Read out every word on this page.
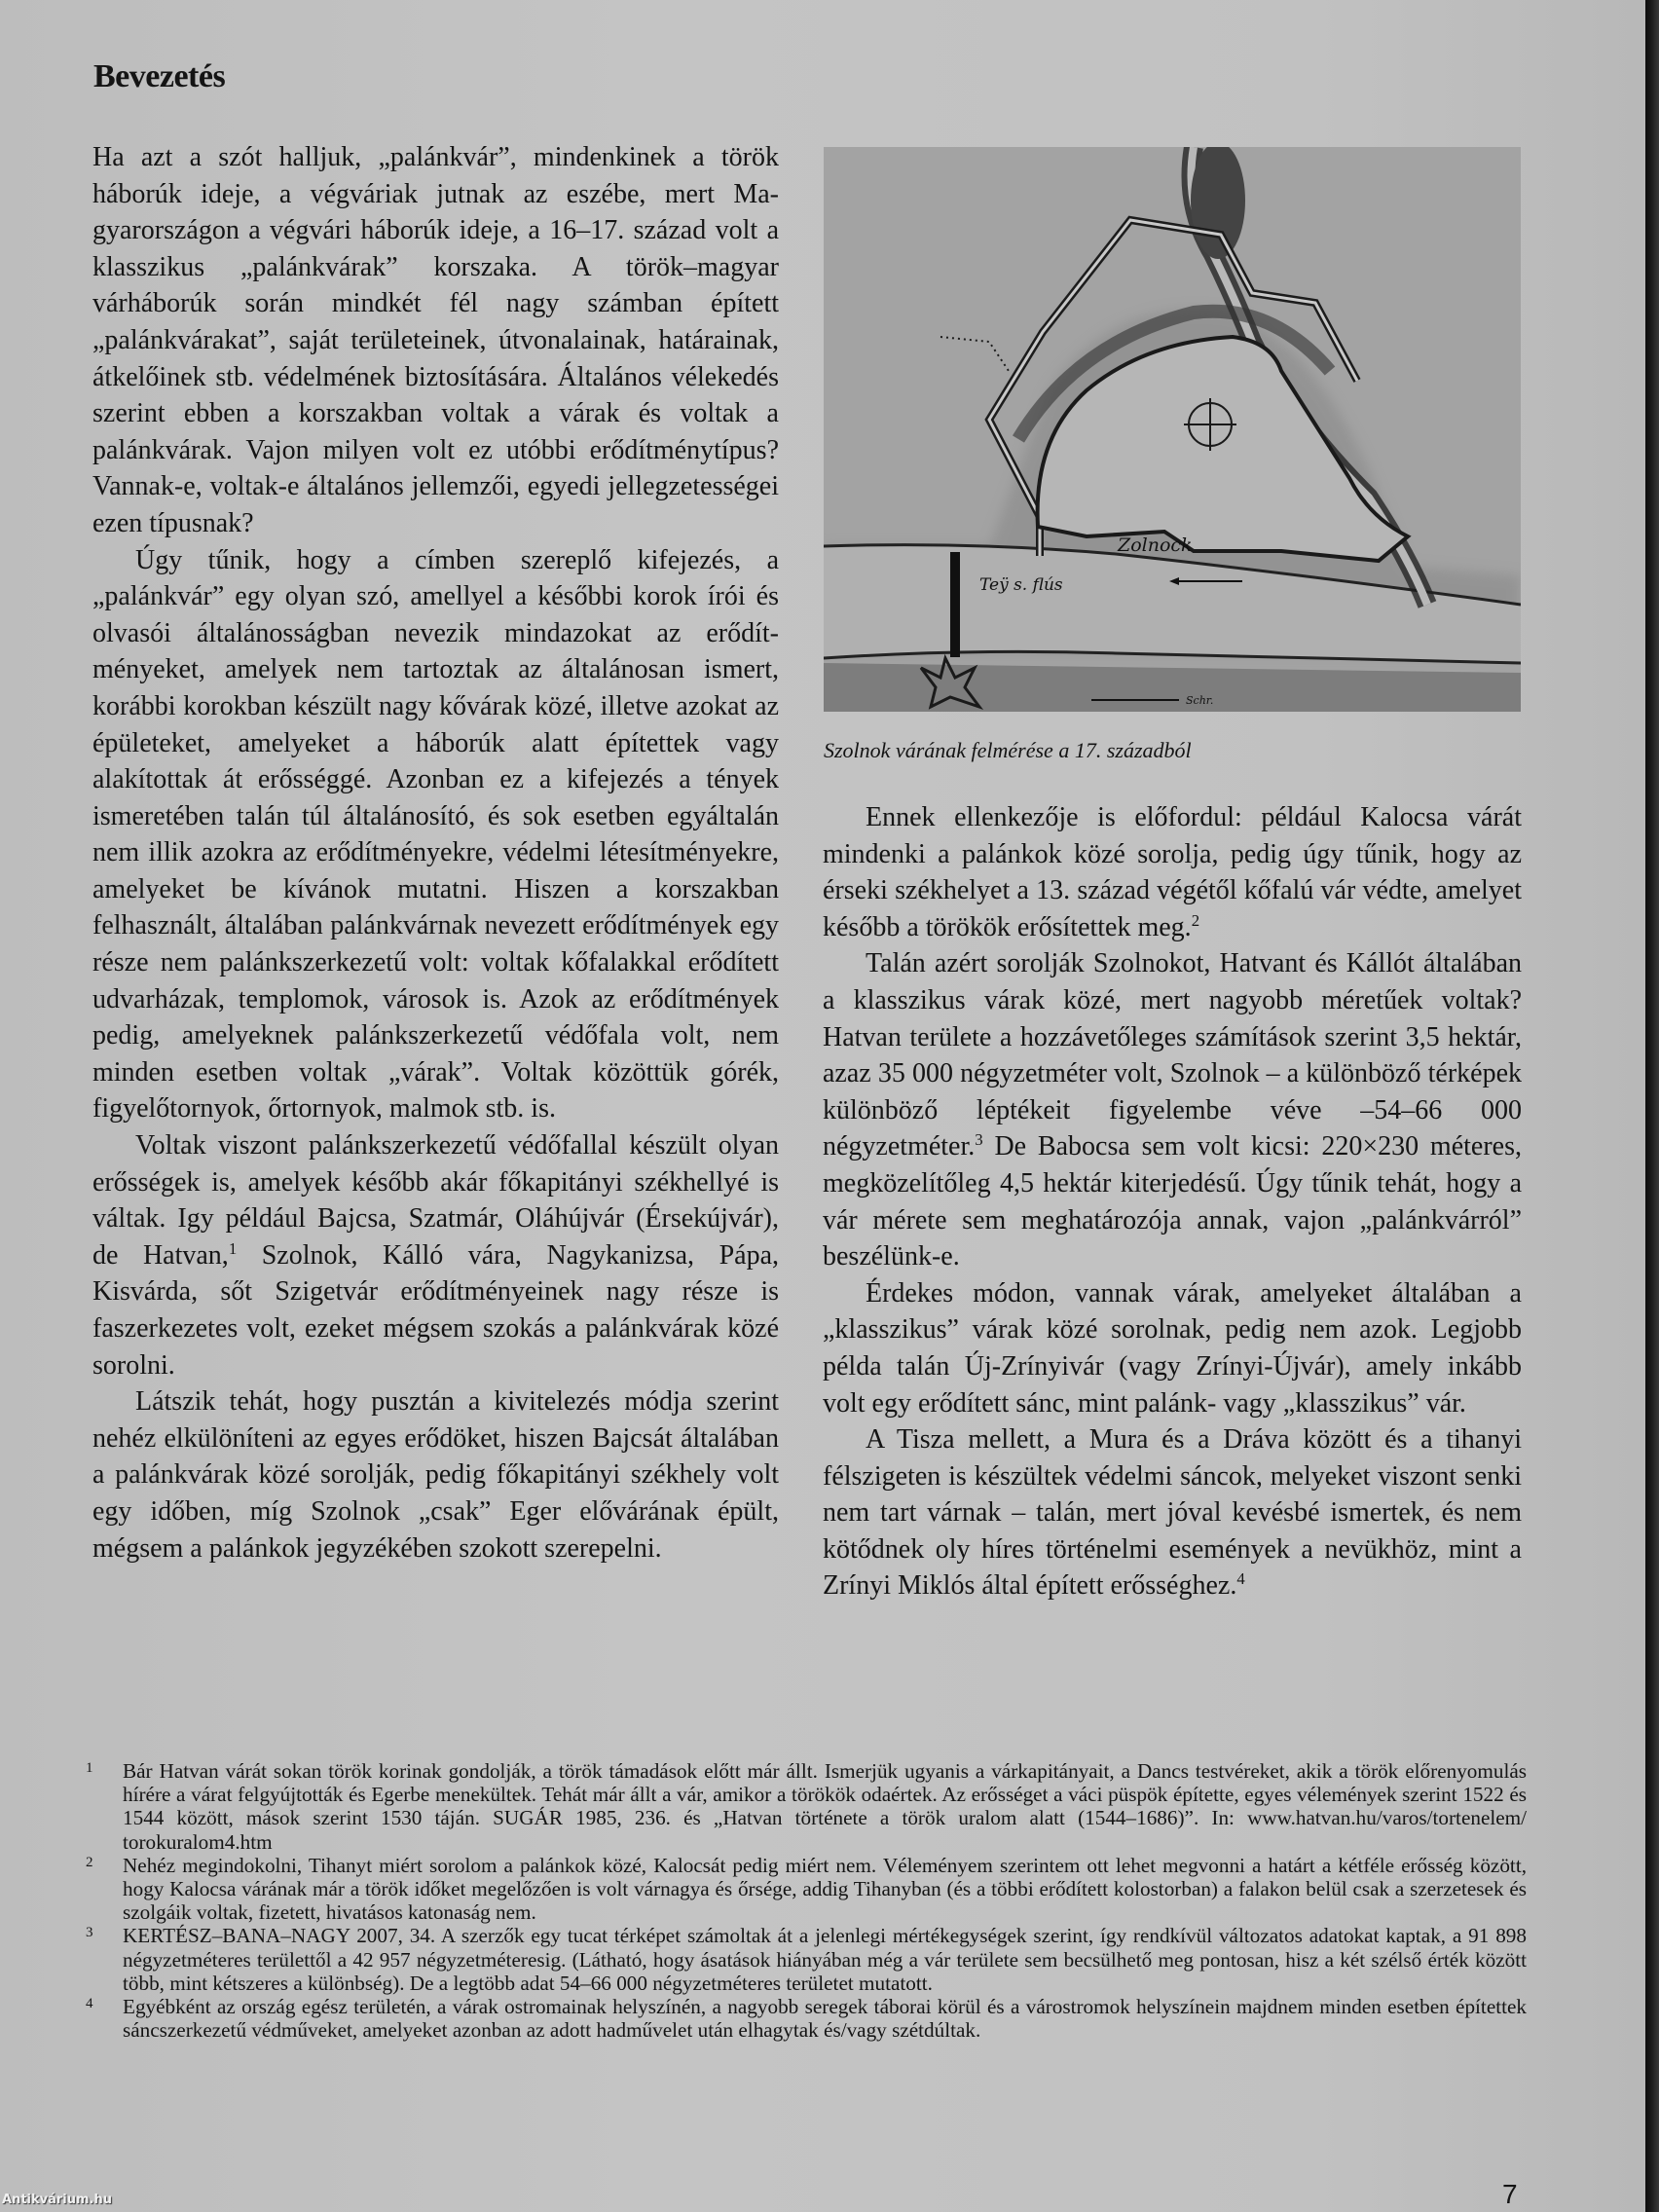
Bevezetés

Ha azt a szót halljuk, „palánkvár”, mindenkinek a török háborúk ideje, a végváriak jutnak az eszébe, mert Magyarországon a végvári háborúk ideje, a 16–17. század volt a klasszikus „palánkvárak” korszaka. A török–magyar várháborúk során mindkét fél nagy számban épített „palánkvárakat”, saját területeinek, útvonalainak, határainak, átkelőinek stb. védelmének biztosítására. Általános vélekedés szerint ebben a korszakban voltak a várak és voltak a palánkvárak. Vajon milyen volt ez utóbbi erődítménytípus? Vannak-e, voltak-e általános jellemzői, egyedi jellegzetességei ezen típusnak?

Úgy tűnik, hogy a címben szereplő kifejezés, a „palánkvár” egy olyan szó, amellyel a későbbi korok írói és olvasói általánosságban nevezik mindazokat az erődítményeket, amelyek nem tartoztak az általánosan ismert, korábbi korokban készült nagy kővárak közé, illetve azokat az épületeket, amelyeket a háborúk alatt építettek vagy alakítottak át erősséggé. Azonban ez a kifejezés a tények ismeretében talán túl általánosító, és sok esetben egyáltalán nem illik azokra az erődítményekre, védelmi létesítményekre, amelyeket be kívánok mutatni. Hiszen a korszakban felhasznált, általában palánkvárnak nevezett erődítmények egy része nem palánkszerkezetű volt: voltak kőfalakkal erődített udvarházak, templomok, városok is. Azok az erődítmények pedig, amelyeknek palánkszerkezetű védőfala volt, nem minden esetben voltak „várak”. Voltak közöttük górék, figyelőtornyok, őrtornyok, malmok stb. is.

Voltak viszont palánkszerkezetű védőfallal készült olyan erősségek is, amelyek később akár főkapitányi székhellyé is váltak. Igy például Bajcsa, Szatmár, Oláhújvár (Érsekújvár), de Hatvan,$^1$ Szolnok, Kálló vára, Nagykanizsa, Pápa, Kisvárda, sőt Szigetvár erődítményeinek nagy része is faszerkezetes volt, ezeket mégsem szokás a palánkvárak közé sorolni.

Látszik tehát, hogy pusztán a kivitelezés módja szerint nehéz elkülöníteni az egyes erődöket, hiszen Bajcsát általában a palánkvárak közé sorolják, pedig főkapitányi székhely volt egy időben, míg Szolnok „csak” Eger elővárának épült, mégsem a palánkok jegyzékében szokott szerepelni.

Zolnock
Teÿ s. flús
Schr.
Szolnok várának felmérése a 17. századból

Ennek ellenkezője is előfordul: például Kalocsa várát mindenki a palánkok közé sorolja, pedig úgy tűnik, hogy az érseki székhelyet a 13. század végétől kőfalú vár védte, amelyet később a törökök erősítettek meg.$^2$

Talán azért sorolják Szolnokot, Hatvant és Kállót általában a klasszikus várak közé, mert nagyobb méretűek voltak? Hatvan területe a hozzávetőleges számítások szerint 3,5 hektár, azaz 35 000 négyzetméter volt, Szolnok – a különböző térképek különböző léptékeit figyelembe véve –54–66 000 négyzetméter.$^3$ De Babocsa sem volt kicsi: 220×230 méteres, megközelítőleg 4,5 hektár kiterjedésű. Úgy tűnik tehát, hogy a vár mérete sem meghatározója annak, vajon „palánkvárról” beszélünk-e.

Érdekes módon, vannak várak, amelyeket általában a „klasszikus” várak közé sorolnak, pedig nem azok. Legjobb példa talán Új-Zrínyivár (vagy Zrínyi-Újvár), amely inkább volt egy erődített sánc, mint palánk- vagy „klasszikus” vár.

A Tisza mellett, a Mura és a Dráva között és a tihanyi félszigeten is készültek védelmi sáncok, melyeket viszont senki nem tart várnak – talán, mert jóval kevésbé ismertek, és nem kötődnek oly híres történelmi események a nevükhöz, mint a Zrínyi Miklós által épített erősséghez.$^4$

1 Bár Hatvan várát sokan török korinak gondolják, a török támadások előtt már állt. Ismerjük ugyanis a várkapitányait, a Dancs testvéreket, akik a török előrenyomulás hírére a várat felgyújtották és Egerbe menekültek. Tehát már állt a vár, amikor a törökök odaértek. Az erősséget a váci püspök építette, egyes vélemények szerint 1522 és 1544 között, mások szerint 1530 táján. SUGÁR 1985, 236. és „Hatvan története a török uralom alatt (1544–1686)”. In: www.hatvan.hu/varos/tortenelem/ torokuralom4.htm
2 Nehéz megindokolni, Tihanyt miért sorolom a palánkok közé, Kalocsát pedig miért nem. Véleményem szerintem ott lehet megvonni a határt a kétféle erősség között, hogy Kalocsa várának már a török időket megelőzően is volt várnagya és őrsége, addig Tihanyban (és a többi erődített kolostorban) a falakon belül csak a szerzetesek és szolgáik voltak, fizetett, hivatásos katonaság nem.
3 KERTÉSZ–BANA–NAGY 2007, 34. A szerzők egy tucat térképet számoltak át a jelenlegi mértékegységek szerint, így rendkívül változatos adatokat kaptak, a 91 898 négyzetméteres területtől a 42 957 négyzetméteresig. (Látható, hogy ásatások hiányában még a vár területe sem becsülhető meg pontosan, hisz a két szélső érték között több, mint kétszeres a különbség). De a legtöbb adat 54–66 000 négyzetméteres területet mutatott.
4 Egyébként az ország egész területén, a várak ostromainak helyszínén, a nagyobb seregek táborai körül és a várostromok helyszínein majdnem minden esetben építettek sáncszerkezetű védműveket, amelyeket azonban az adott hadművelet után elhagytak és/vagy szétdúltak.
7
Antikvárium.hu
